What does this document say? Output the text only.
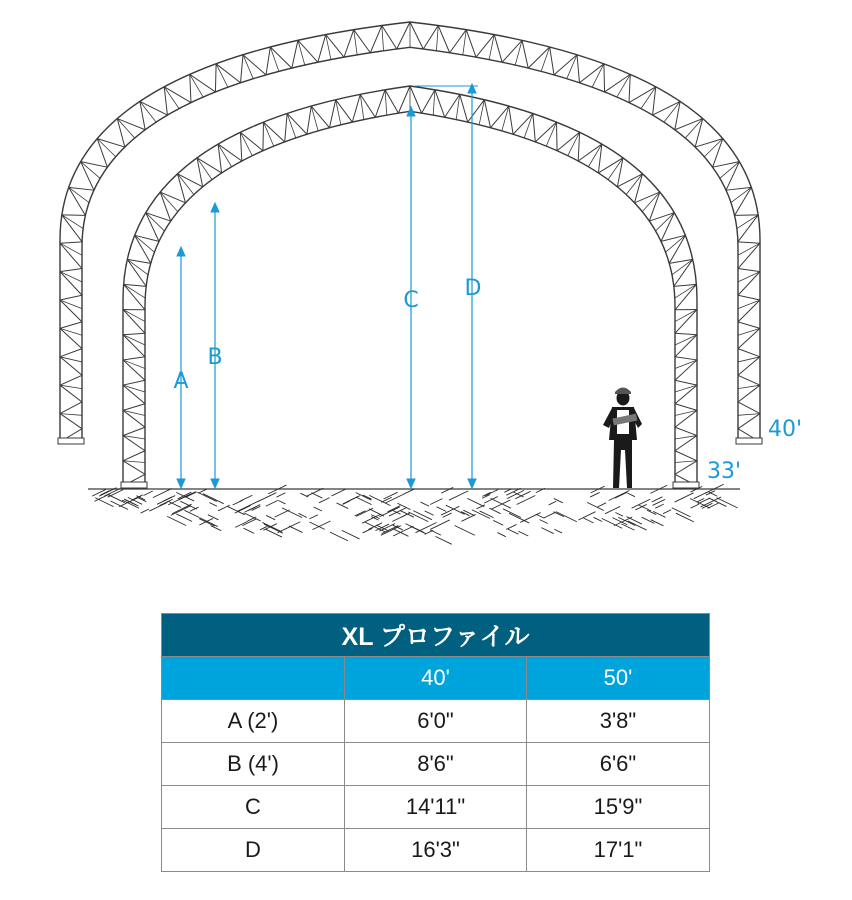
A
B
C D
40'
33'
XL プロファイル		
	40'	50'
A (2')	6'0"	3'8"
B (4')	8'6"	6'6"
C	14'11"	15'9"
D	16'3"	17'1"
